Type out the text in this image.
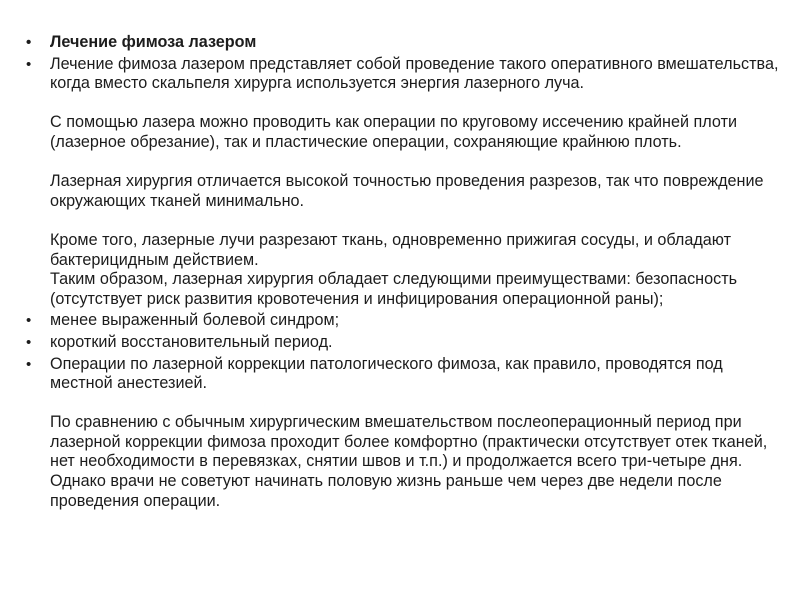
• Лечение фимоза лазером
• Лечение фимоза лазером представляет собой проведение такого оперативного вмешательства, когда вместо скальпеля хирурга используется энергия лазерного луча.
С помощью лазера можно проводить как операции по круговому иссечению крайней плоти (лазерное обрезание), так и пластические операции, сохраняющие крайнюю плоть.
Лазерная хирургия отличается высокой точностью проведения разрезов, так что повреждение окружающих тканей минимально.
Кроме того, лазерные лучи разрезают ткань, одновременно прижигая сосуды, и обладают бактерицидным действием.
Таким образом, лазерная хирургия обладает следующими преимуществами: безопасность (отсутствует риск развития кровотечения и инфицирования операционной раны);
• менее выраженный болевой синдром;
• короткий восстановительный период.
• Операции по лазерной коррекции патологического фимоза, как правило, проводятся под местной анестезией.
По сравнению с обычным хирургическим вмешательством послеоперационный период при лазерной коррекции фимоза проходит более комфортно (практически отсутствует отек тканей, нет необходимости в перевязках, снятии швов и т.п.) и продолжается всего три-четыре дня. Однако врачи не советуют начинать половую жизнь раньше чем через две недели после проведения операции.
